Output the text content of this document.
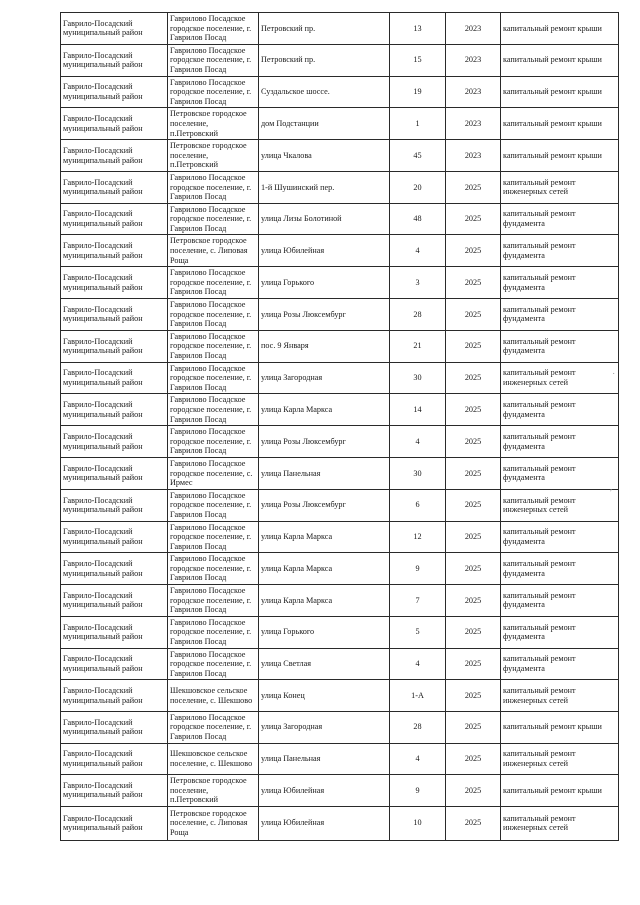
Гаврило-Посадский муниципальный район	Гаврилово Посадское городское поселение, г. Гаврилов Посад	Петровский пр.	13	2023	капитальный ремонт крыши
Гаврило-Посадский муниципальный район	Гаврилово Посадское городское поселение, г. Гаврилов Посад	Петровский пр.	15	2023	капитальный ремонт крыши
Гаврило-Посадский муниципальный район	Гаврилово Посадское городское поселение, г. Гаврилов Посад	Суздальское шоссе.	19	2023	капитальный ремонт крыши
Гаврило-Посадский муниципальный район	Петровское городское поселение, п.Петровский	дом Подстанции	1	2023	капитальный ремонт крыши
Гаврило-Посадский муниципальный район	Петровское городское поселение, п.Петровский	улица Чкалова	45	2023	капитальный ремонт крыши
Гаврило-Посадский муниципальный район	Гаврилово Посадское городское поселение, г. Гаврилов Посад	1-й Шушинский пер.	20	2025	капитальный ремонт инженерных сетей
Гаврило-Посадский муниципальный район	Гаврилово Посадское городское поселение, г. Гаврилов Посад	улица Лизы Болотиной	48	2025	капитальный ремонт фундамента
Гаврило-Посадский муниципальный район	Петровское городское поселение, с. Липовая Роща	улица Юбилейная	4	2025	капитальный ремонт фундамента
Гаврило-Посадский муниципальный район	Гаврилово Посадское городское поселение, г. Гаврилов Посад	улица Горького	3	2025	капитальный ремонт фундамента
Гаврило-Посадский муниципальный район	Гаврилово Посадское городское поселение, г. Гаврилов Посад	улица Розы Люксембург	28	2025	капитальный ремонт фундамента
Гаврило-Посадский муниципальный район	Гаврилово Посадское городское поселение, г. Гаврилов Посад	пос. 9 Января	21	2025	капитальный ремонт фундамента
Гаврило-Посадский муниципальный район	Гаврилово Посадское городское поселение, г. Гаврилов Посад	улица Загородная	30	2025	капитальный ремонт инженерных сетей
Гаврило-Посадский муниципальный район	Гаврилово Посадское городское поселение, г. Гаврилов Посад	улица Карла Маркса	14	2025	капитальный ремонт фундамента
Гаврило-Посадский муниципальный район	Гаврилово Посадское городское поселение, г. Гаврилов Посад	улица Розы Люксембург	4	2025	капитальный ремонт фундамента
Гаврило-Посадский муниципальный район	Гаврилово Посадское городское поселение, с. Ирмес	улица Панельная	30	2025	капитальный ремонт фундамента
Гаврило-Посадский муниципальный район	Гаврилово Посадское городское поселение, г. Гаврилов Посад	улица Розы Люксембург	6	2025	капитальный ремонт инженерных сетей
Гаврило-Посадский муниципальный район	Гаврилово Посадское городское поселение, г. Гаврилов Посад	улица Карла Маркса	12	2025	капитальный ремонт фундамента
Гаврило-Посадский муниципальный район	Гаврилово Посадское городское поселение, г. Гаврилов Посад	улица Карла Маркса	9	2025	капитальный ремонт фундамента
Гаврило-Посадский муниципальный район	Гаврилово Посадское городское поселение, г. Гаврилов Посад	улица Карла Маркса	7	2025	капитальный ремонт фундамента
Гаврило-Посадский муниципальный район	Гаврилово Посадское городское поселение, г. Гаврилов Посад	улица Горького	5	2025	капитальный ремонт фундамента
Гаврило-Посадский муниципальный район	Гаврилово Посадское городское поселение, г. Гаврилов Посад	улица Светлая	4	2025	капитальный ремонт фундамента
Гаврило-Посадский муниципальный район	Шекшовское сельское поселение, с. Шекшово	улица Конец	1-А	2025	капитальный ремонт инженерных сетей
Гаврило-Посадский муниципальный район	Гаврилово Посадское городское поселение, г. Гаврилов Посад	улица Загородная	28	2025	капитальный ремонт крыши
Гаврило-Посадский муниципальный район	Шекшовское сельское поселение, с. Шекшово	улица Панельная	4	2025	капитальный ремонт инженерных сетей
Гаврило-Посадский муниципальный район	Петровское городское поселение, п.Петровский	улица Юбилейная	9	2025	капитальный ремонт крыши
Гаврило-Посадский муниципальный район	Петровское городское поселение, с. Липовая Роща	улица Юбилейная	10	2025	капитальный ремонт инженерных сетей
˙
′
